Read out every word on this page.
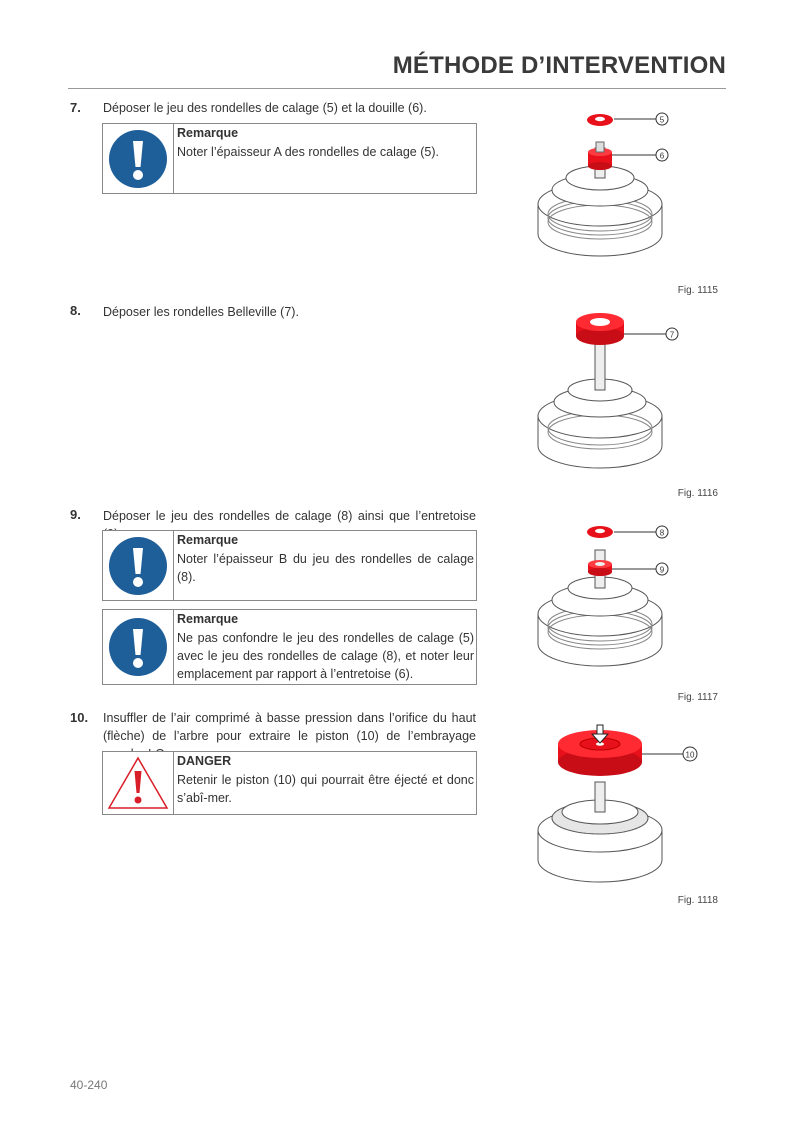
MÉTHODE D’INTERVENTION
7. Déposer le jeu des rondelles de calage (5) et la douille (6).
Remarque
Noter l’épaisseur A des rondelles de calage (5).
5
6
Fig. 1115
8. Déposer les rondelles Belleville (7).
7
Fig. 1116
9. Déposer le jeu des rondelles de calage (8) ainsi que l’entretoise
Remarque
Noter l’épaisseur B du jeu des rondelles de calage (8).
Remarque
Ne pas confondre le jeu des rondelles de calage (5) avec le jeu des rondelles de calage (8), et noter leur emplacement par rapport à l’entretoise (6).
8
9
Fig. 1117
10. Insuffler de l’air comprimé à basse pression dans l’orifice du haut (flèche) de l’arbre pour extraire le piston (10) de l’embrayage
DANGER
Retenir le piston (10) qui pourrait être éjecté et donc s’abî-mer.
10
Fig. 1118
40-240
